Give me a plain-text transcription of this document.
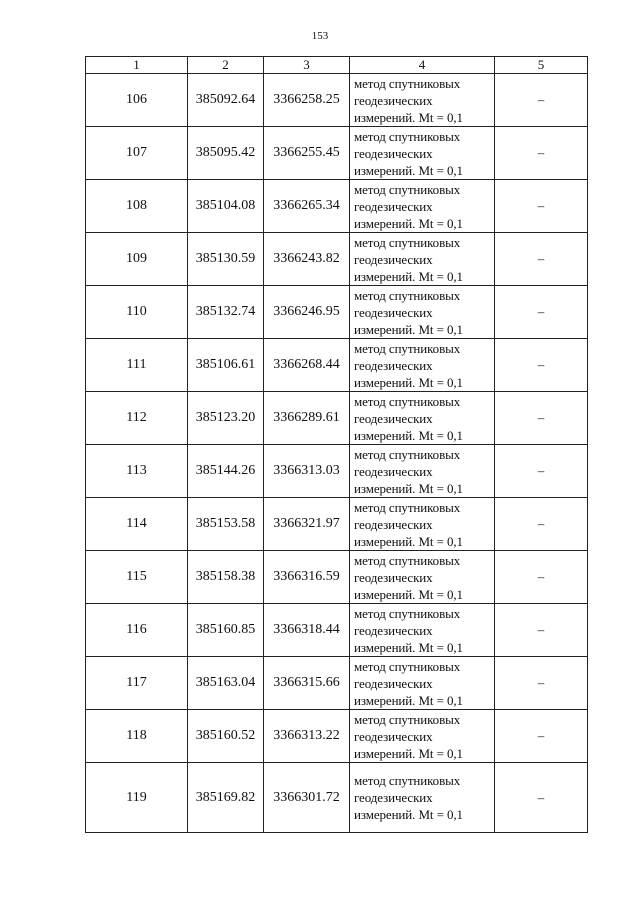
153
1	2	3	4	5
106	385092.64	3366258.25	метод спутниковых
геодезических
измерений. Mt = 0,1	–
107	385095.42	3366255.45	метод спутниковых
геодезических
измерений. Mt = 0,1	–
108	385104.08	3366265.34	метод спутниковых
геодезических
измерений. Mt = 0,1	–
109	385130.59	3366243.82	метод спутниковых
геодезических
измерений. Mt = 0,1	–
110	385132.74	3366246.95	метод спутниковых
геодезических
измерений. Mt = 0,1	–
111	385106.61	3366268.44	метод спутниковых
геодезических
измерений. Mt = 0,1	–
112	385123.20	3366289.61	метод спутниковых
геодезических
измерений. Mt = 0,1	–
113	385144.26	3366313.03	метод спутниковых
геодезических
измерений. Mt = 0,1	–
114	385153.58	3366321.97	метод спутниковых
геодезических
измерений. Mt = 0,1	–
115	385158.38	3366316.59	метод спутниковых
геодезических
измерений. Mt = 0,1	–
116	385160.85	3366318.44	метод спутниковых
геодезических
измерений. Mt = 0,1	–
117	385163.04	3366315.66	метод спутниковых
геодезических
измерений. Mt = 0,1	–
118	385160.52	3366313.22	метод спутниковых
геодезических
измерений. Mt = 0,1	–
119	385169.82	3366301.72	метод спутниковых
геодезических
измерений. Mt = 0,1	–
